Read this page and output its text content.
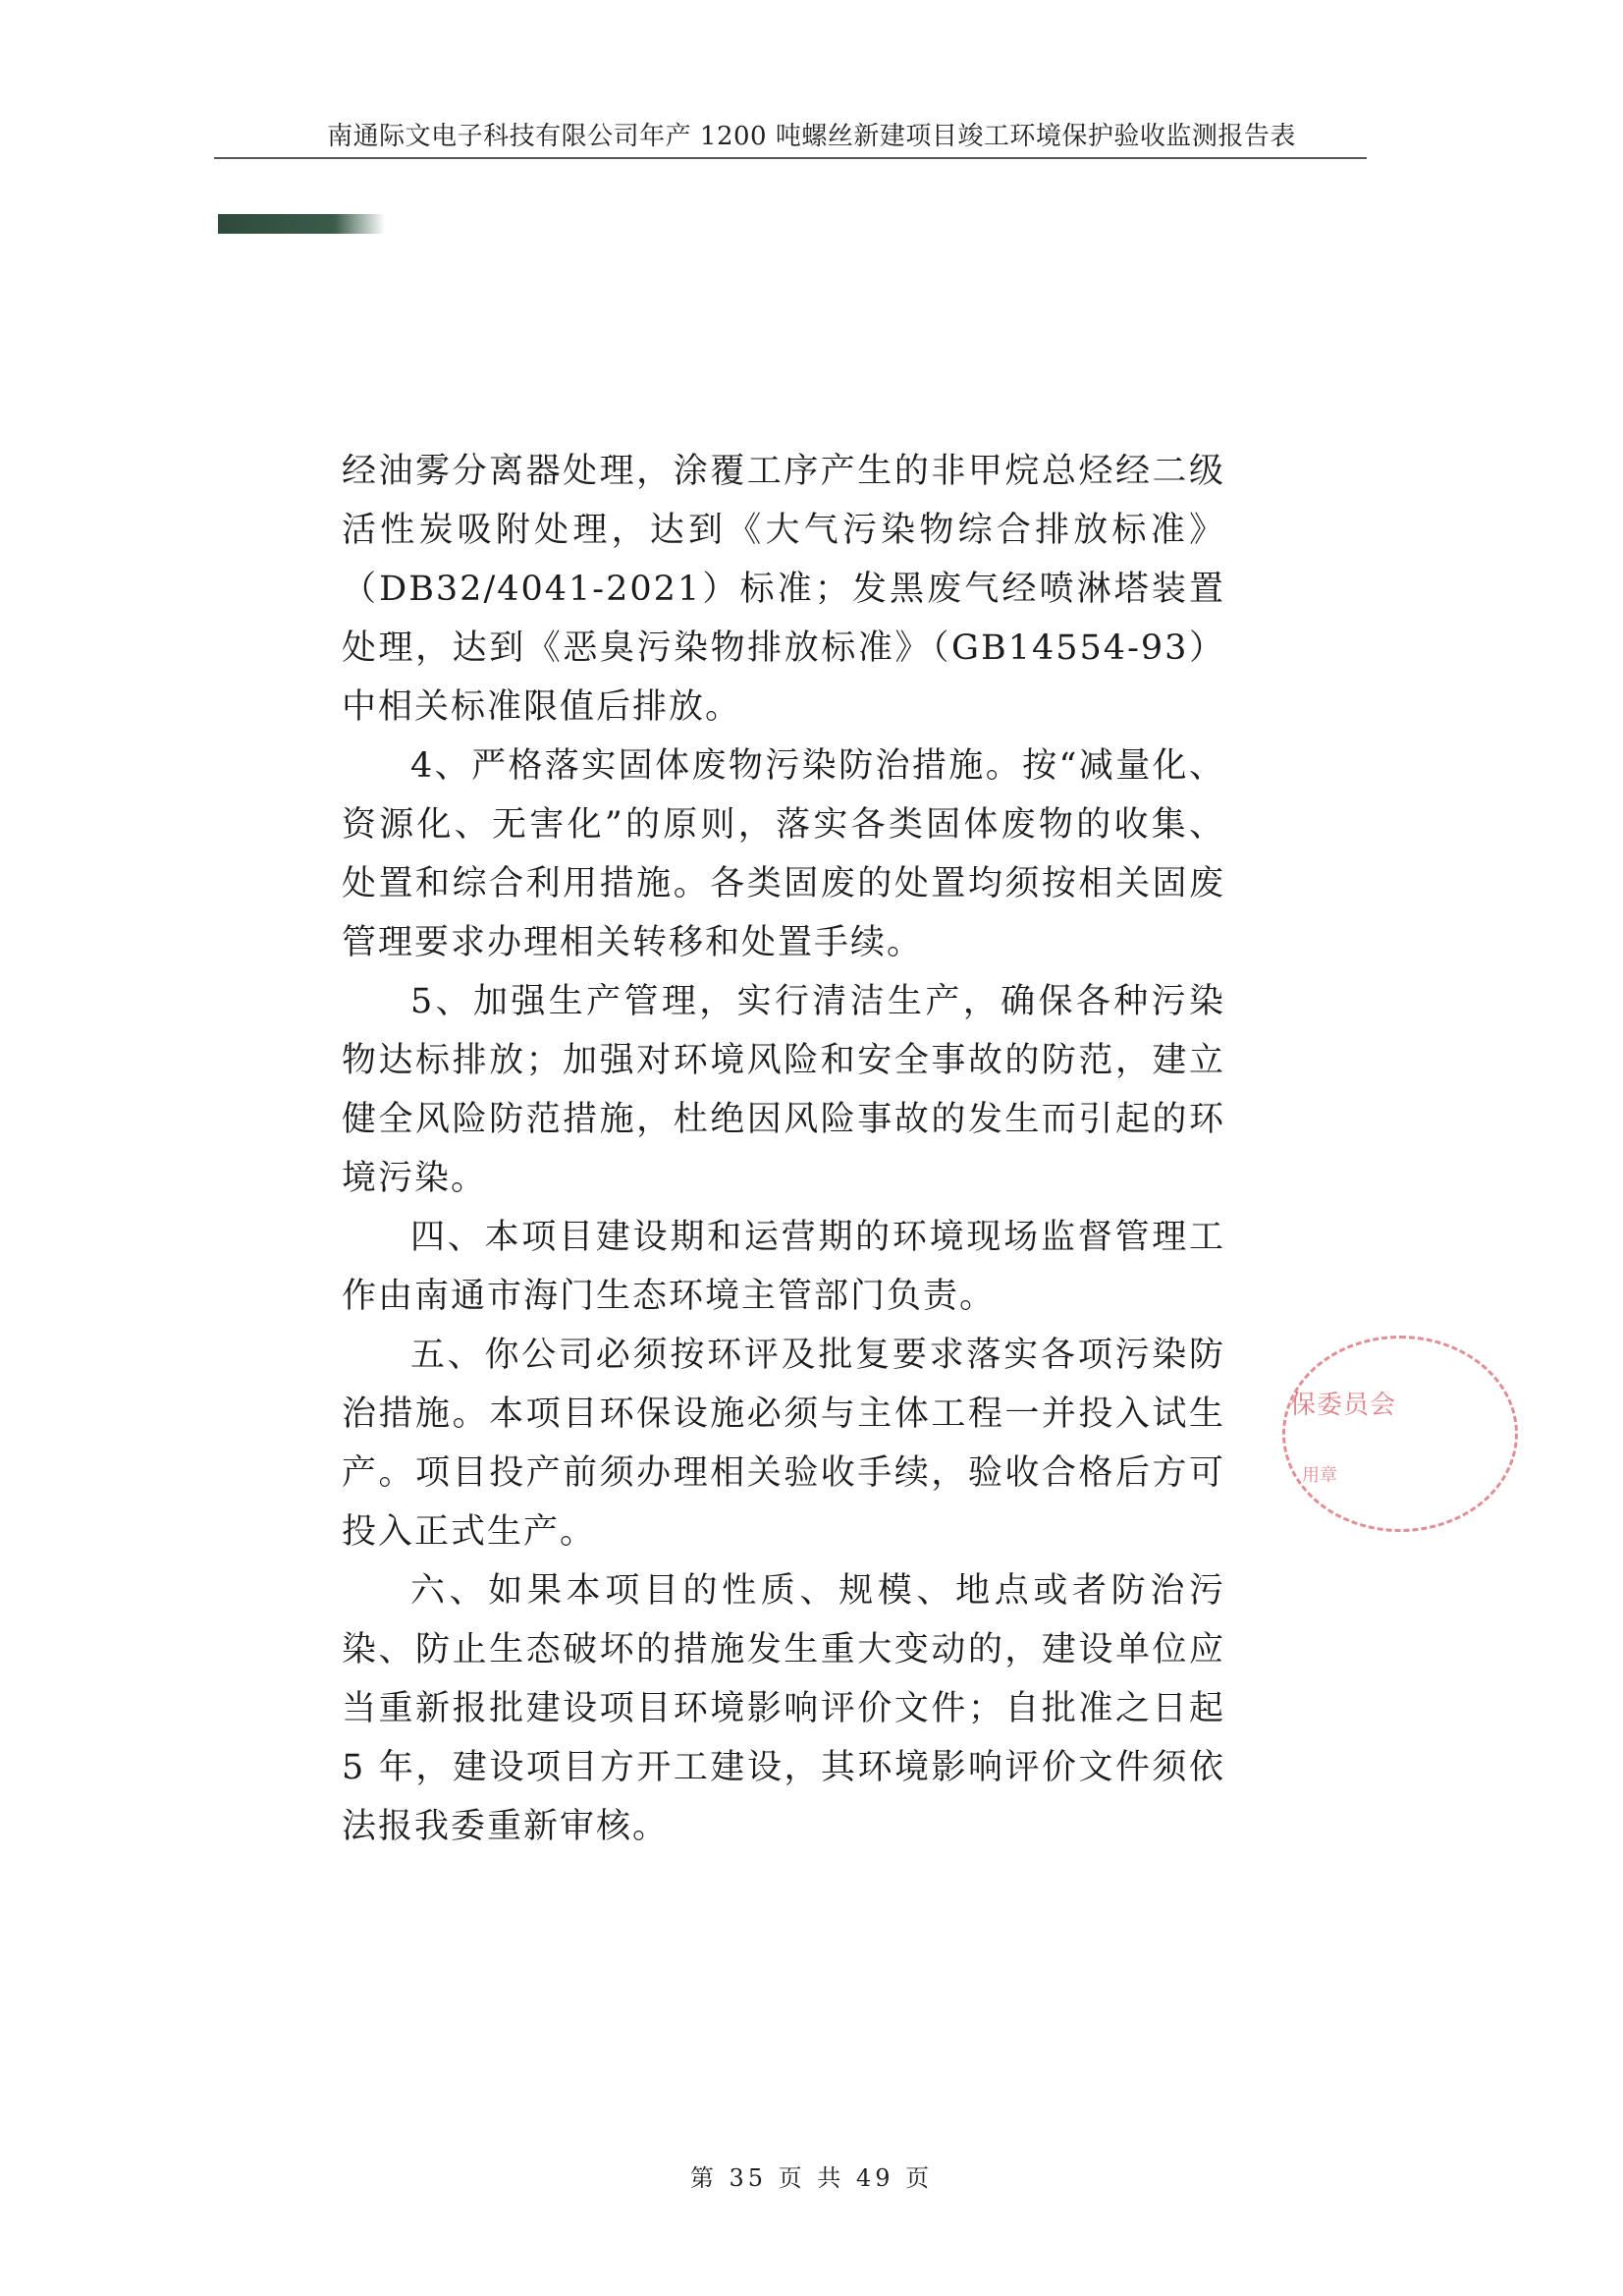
南通际文电子科技有限公司年产 1200 吨螺丝新建项目竣工环境保护验收监测报告表

经油雾分离器处理，涂覆工序产生的非甲烷总烃经二级活性炭吸附处理，达到《大气污染物综合排放标准》（DB32/4041-2021）标准；发黑废气经喷淋塔装置处理，达到《恶臭污染物排放标准》（GB14554-93）中相关标准限值后排放。

4、严格落实固体废物污染防治措施。按“减量化、资源化、无害化”的原则，落实各类固体废物的收集、处置和综合利用措施。各类固废的处置均须按相关固废管理要求办理相关转移和处置手续。

5、加强生产管理，实行清洁生产，确保各种污染物达标排放；加强对环境风险和安全事故的防范，建立健全风险防范措施，杜绝因风险事故的发生而引起的环境污染。

四、本项目建设期和运营期的环境现场监督管理工作由南通市海门生态环境主管部门负责。

五、你公司必须按环评及批复要求落实各项污染防治措施。本项目环保设施必须与主体工程一并投入试生产。项目投产前须办理相关验收手续，验收合格后方可投入正式生产。

六、如果本项目的性质、规模、地点或者防治污染、防止生态破坏的措施发生重大变动的，建设单位应当重新报批建设项目环境影响评价文件；自批准之日起 5 年，建设项目方开工建设，其环境影响评价文件须依法报我委重新审核。

保委员会
用章
第 35 页 共 49 页
